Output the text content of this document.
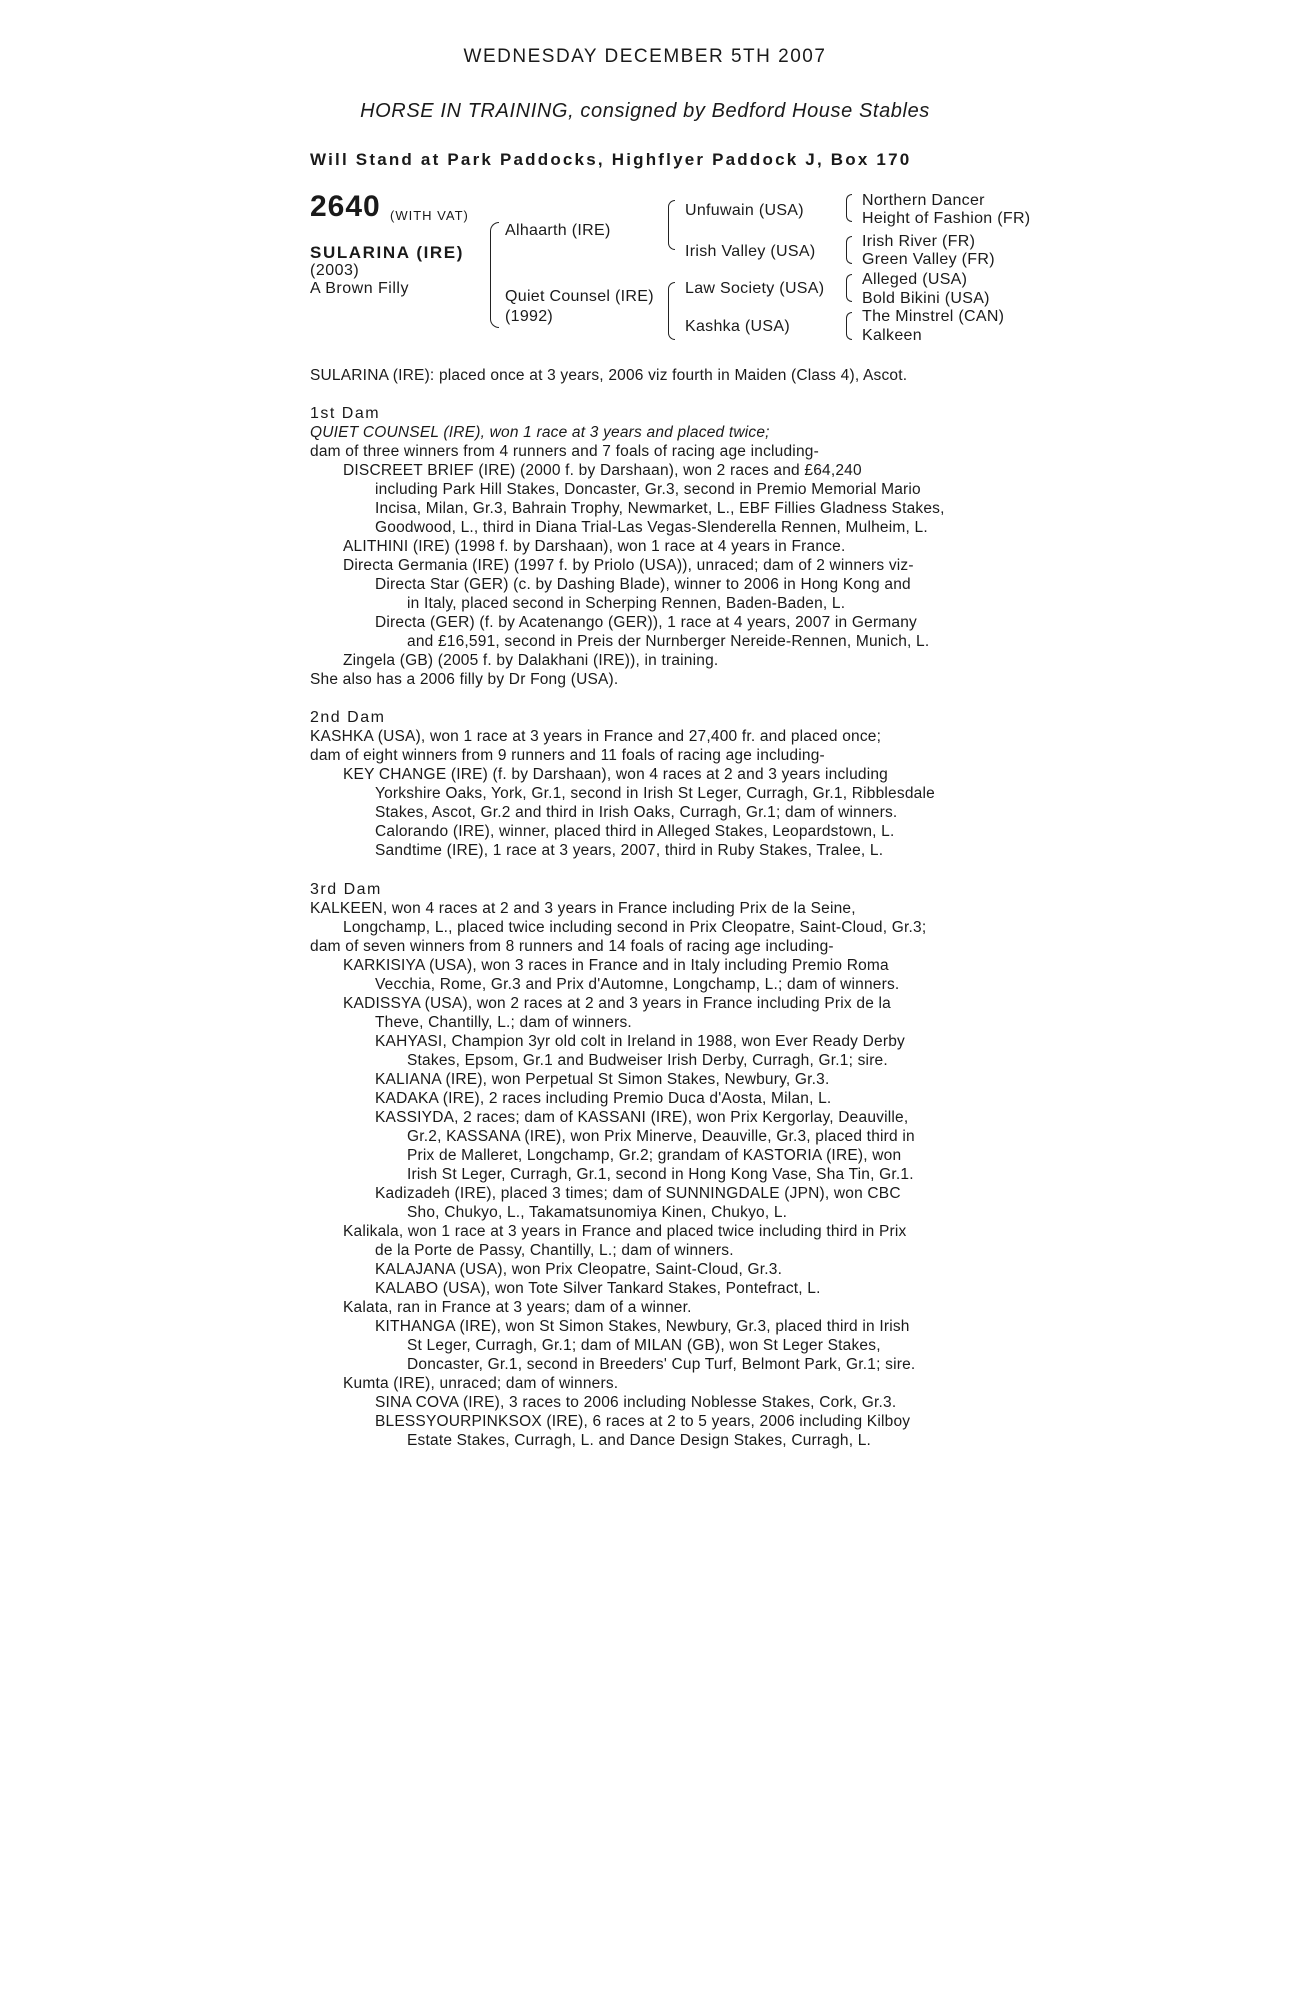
WEDNESDAY DECEMBER 5TH 2007
HORSE IN TRAINING, consigned by Bedford House Stables
Will Stand at Park Paddocks, Highflyer Paddock J, Box 170
2640 (WITH VAT)
SULARINA (IRE)
(2003)
A Brown Filly
Alhaarth (IRE)
Quiet Counsel (IRE)
(1992)
Unfuwain (USA)
Irish Valley (USA)
Law Society (USA)
Kashka (USA)
Northern Dancer
Height of Fashion (FR)
Irish River (FR)
Green Valley (FR)
Alleged (USA)
Bold Bikini (USA)
The Minstrel (CAN)
Kalkeen
SULARINA (IRE): placed once at 3 years, 2006 viz fourth in Maiden (Class 4), Ascot.
1st Dam
QUIET COUNSEL (IRE), won 1 race at 3 years and placed twice;
dam of three winners from 4 runners and 7 foals of racing age including-
DISCREET BRIEF (IRE) (2000 f. by Darshaan), won 2 races and £64,240
including Park Hill Stakes, Doncaster, Gr.3, second in Premio Memorial Mario
Incisa, Milan, Gr.3, Bahrain Trophy, Newmarket, L., EBF Fillies Gladness Stakes,
Goodwood, L., third in Diana Trial-Las Vegas-Slenderella Rennen, Mulheim, L.
ALITHINI (IRE) (1998 f. by Darshaan), won 1 race at 4 years in France.
Directa Germania (IRE) (1997 f. by Priolo (USA)), unraced; dam of 2 winners viz-
Directa Star (GER) (c. by Dashing Blade), winner to 2006 in Hong Kong and
in Italy, placed second in Scherping Rennen, Baden-Baden, L.
Directa (GER) (f. by Acatenango (GER)), 1 race at 4 years, 2007 in Germany
and £16,591, second in Preis der Nurnberger Nereide-Rennen, Munich, L.
Zingela (GB) (2005 f. by Dalakhani (IRE)), in training.
She also has a 2006 filly by Dr Fong (USA).
2nd Dam
KASHKA (USA), won 1 race at 3 years in France and 27,400 fr. and placed once;
dam of eight winners from 9 runners and 11 foals of racing age including-
KEY CHANGE (IRE) (f. by Darshaan), won 4 races at 2 and 3 years including
Yorkshire Oaks, York, Gr.1, second in Irish St Leger, Curragh, Gr.1, Ribblesdale
Stakes, Ascot, Gr.2 and third in Irish Oaks, Curragh, Gr.1; dam of winners.
Calorando (IRE), winner, placed third in Alleged Stakes, Leopardstown, L.
Sandtime (IRE), 1 race at 3 years, 2007, third in Ruby Stakes, Tralee, L.
3rd Dam
KALKEEN, won 4 races at 2 and 3 years in France including Prix de la Seine,
Longchamp, L., placed twice including second in Prix Cleopatre, Saint-Cloud, Gr.3;
dam of seven winners from 8 runners and 14 foals of racing age including-
KARKISIYA (USA), won 3 races in France and in Italy including Premio Roma
Vecchia, Rome, Gr.3 and Prix d'Automne, Longchamp, L.; dam of winners.
KADISSYA (USA), won 2 races at 2 and 3 years in France including Prix de la
Theve, Chantilly, L.; dam of winners.
KAHYASI, Champion 3yr old colt in Ireland in 1988, won Ever Ready Derby
Stakes, Epsom, Gr.1 and Budweiser Irish Derby, Curragh, Gr.1; sire.
KALIANA (IRE), won Perpetual St Simon Stakes, Newbury, Gr.3.
KADAKA (IRE), 2 races including Premio Duca d'Aosta, Milan, L.
KASSIYDA, 2 races; dam of KASSANI (IRE), won Prix Kergorlay, Deauville,
Gr.2, KASSANA (IRE), won Prix Minerve, Deauville, Gr.3, placed third in
Prix de Malleret, Longchamp, Gr.2; grandam of KASTORIA (IRE), won
Irish St Leger, Curragh, Gr.1, second in Hong Kong Vase, Sha Tin, Gr.1.
Kadizadeh (IRE), placed 3 times; dam of SUNNINGDALE (JPN), won CBC
Sho, Chukyo, L., Takamatsunomiya Kinen, Chukyo, L.
Kalikala, won 1 race at 3 years in France and placed twice including third in Prix
de la Porte de Passy, Chantilly, L.; dam of winners.
KALAJANA (USA), won Prix Cleopatre, Saint-Cloud, Gr.3.
KALABO (USA), won Tote Silver Tankard Stakes, Pontefract, L.
Kalata, ran in France at 3 years; dam of a winner.
KITHANGA (IRE), won St Simon Stakes, Newbury, Gr.3, placed third in Irish
St Leger, Curragh, Gr.1; dam of MILAN (GB), won St Leger Stakes,
Doncaster, Gr.1, second in Breeders' Cup Turf, Belmont Park, Gr.1; sire.
Kumta (IRE), unraced; dam of winners.
SINA COVA (IRE), 3 races to 2006 including Noblesse Stakes, Cork, Gr.3.
BLESSYOURPINKSOX (IRE), 6 races at 2 to 5 years, 2006 including Kilboy
Estate Stakes, Curragh, L. and Dance Design Stakes, Curragh, L.
